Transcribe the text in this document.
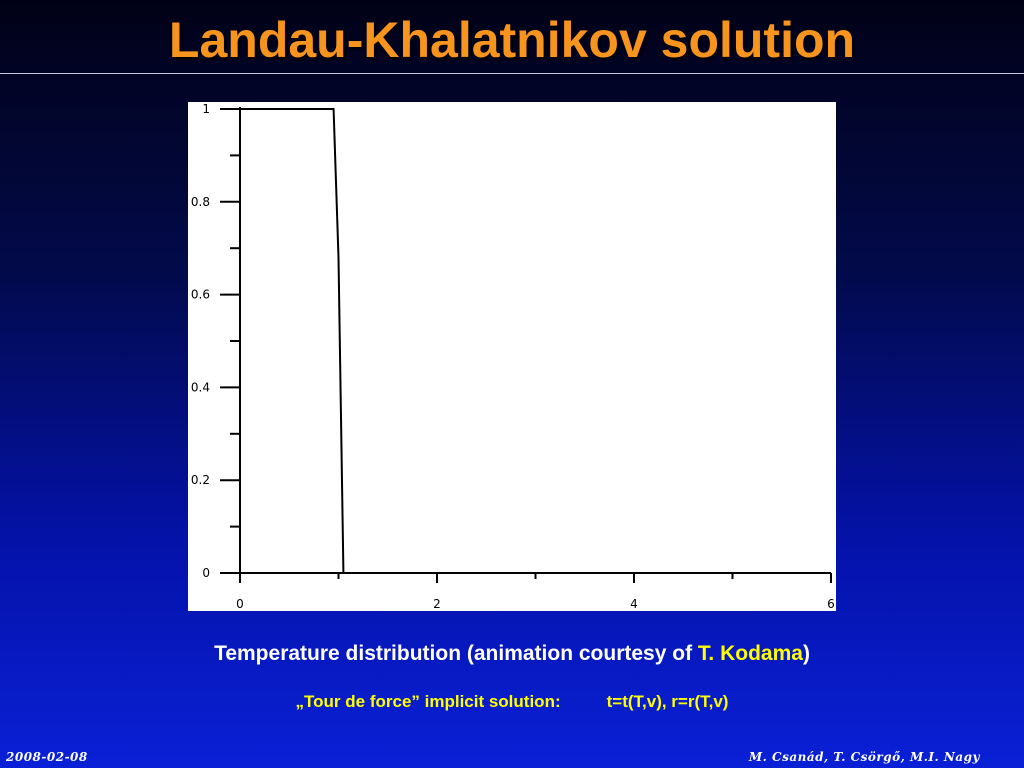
Landau-Khalatnikov solution
0
0.2
0.4
0.6
0.8
1
0	2	4	6
Temperature distribution (animation courtesy of T. Kodama)
„Tour de force” implicit solution:	t=t(T,v), r=r(T,v)
2008-02-08	M. Csanád, T. Csörgő, M.I. Nagy
